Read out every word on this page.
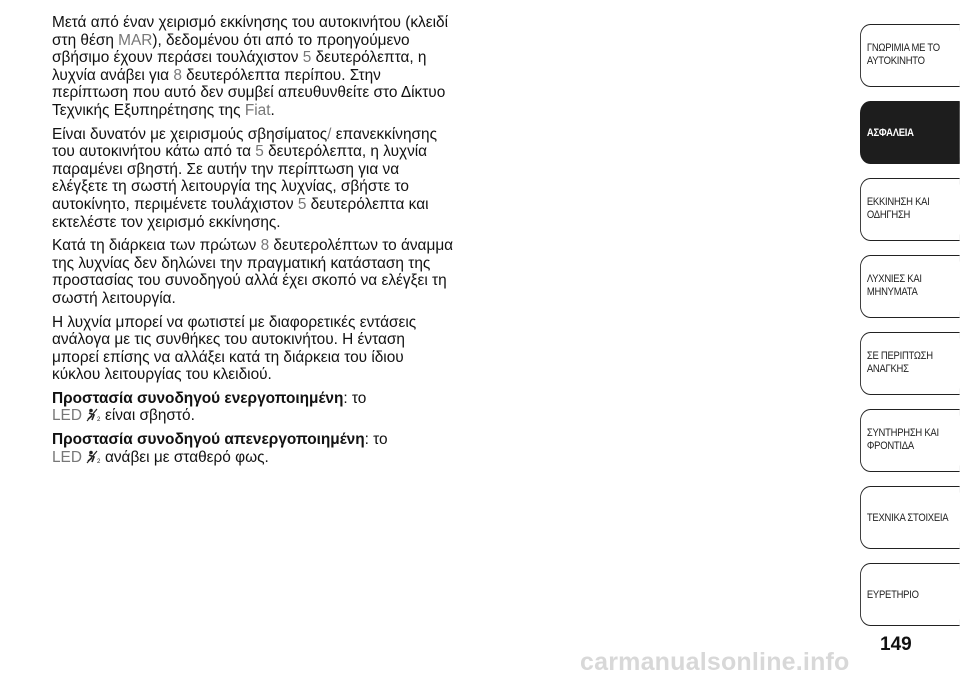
Μετά από έναν χειρισμό εκκίνησης του αυτοκινήτου (κλειδί στη θέση MAR), δεδομένου ότι από το προηγούμενο σβήσιμο έχουν περάσει τουλάχιστον 5 δευτερόλεπτα, η λυχνία ανάβει για 8 δευτερόλεπτα περίπου. Στην περίπτωση που αυτό δεν συμβεί απευθυνθείτε στο Δίκτυο Τεχνικής Εξυπηρέτησης της Fiat.

Είναι δυνατόν με χειρισμούς σβησίματος/ επανεκκίνησης του αυτοκινήτου κάτω από τα 5 δευτερόλεπτα, η λυχνία παραμένει σβηστή. Σε αυτήν την περίπτωση για να ελέγξετε τη σωστή λειτουργία της λυχνίας, σβήστε το αυτοκίνητο, περιμένετε τουλάχιστον 5 δευτερόλεπτα και εκτελέστε τον χειρισμό εκκίνησης.

Κατά τη διάρκεια των πρώτων 8 δευτερολέπτων το άναμμα της λυχνίας δεν δηλώνει την πραγματική κατάσταση της προστασίας του συνοδηγού αλλά έχει σκοπό να ελέγξει τη σωστή λειτουργία.

Η λυχνία μπορεί να φωτιστεί με διαφορετικές εντάσεις ανάλογα με τις συνθήκες του αυτοκινήτου. Η ένταση μπορεί επίσης να αλλάξει κατά τη διάρκεια του ίδιου κύκλου λειτουργίας του κλειδιού.

Προστασία συνοδηγού ενεργοποιημένη: το
LED	2 είναι σβηστό.

Προστασία συνοδηγού απενεργοποιημένη: το
LED	2 ανάβει με σταθερό φως.

ΓΝΩΡΙΜΙΑ ΜΕ ΤΟ ΑΥΤΟΚΙΝΗΤΟ
ΑΣΦΑΛΕΙΑ
ΕΚΚΙΝΗΣΗ ΚΑΙ ΟΔΗΓΗΣΗ
ΛΥΧΝΙΕΣ ΚΑΙ ΜΗΝΥΜΑΤΑ
ΣΕ ΠΕΡΙΠΤΩΣΗ ΑΝΑΓΚΗΣ
ΣΥΝΤΗΡΗΣΗ ΚΑΙ ΦΡΟΝΤΙΔΑ
ΤΕΧΝΙΚΑ ΣΤΟΙΧΕΙΑ
ΕΥΡΕΤΗΡΙΟ
149
carmanualsonline.info
